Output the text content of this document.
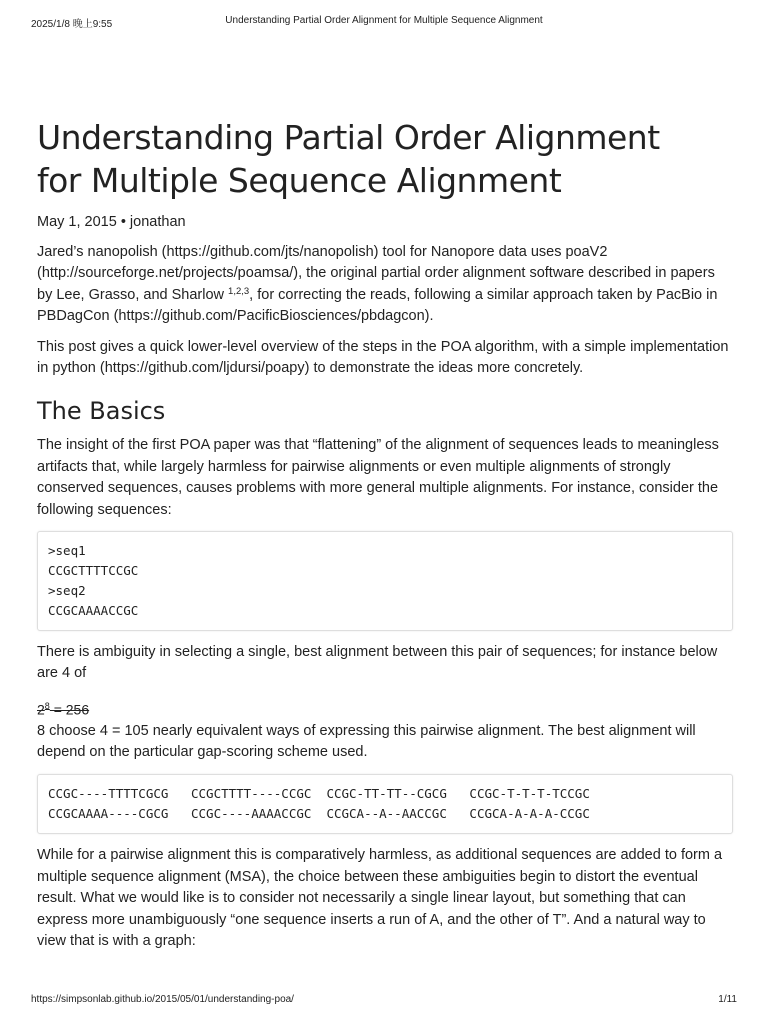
2025/1/8 晚上9:55	Understanding Partial Order Alignment for Multiple Sequence Alignment
Understanding Partial Order Alignment
for Multiple Sequence Alignment
May 1, 2015 • jonathan

Jared’s nanopolish (https://github.com/jts/nanopolish) tool for Nanopore data uses poaV2 (http://sourceforge.net/projects/poamsa/), the original partial order alignment software described in papers by Lee, Grasso, and Sharlow $^{1,2,3}$, for correcting the reads, following a similar approach taken by PacBio in PBDagCon (https://github.com/PacificBiosciences/pbdagcon).

This post gives a quick lower-level overview of the steps in the POA algorithm, with a simple implementation in python (https://github.com/ljdursi/poapy) to demonstrate the ideas more concretely.

The Basics

The insight of the first POA paper was that “flattening” of the alignment of sequences leads to meaningless artifacts that, while largely harmless for pairwise alignments or even multiple alignments of strongly conserved sequences, causes problems with more general multiple alignments. For instance, consider the following sequences:

>seq1
CCGCTTTTCCGC
>seq2
CCGCAAAACCGC

There is ambiguity in selecting a single, best alignment between this pair of sequences; for instance below are 4 of

$2^8 = 256$

8 choose 4 = 105 nearly equivalent ways of expressing this pairwise alignment. The best alignment will depend on the particular gap-scoring scheme used.

CCGC----TTTTCGCG   CCGCTTTT----CCGC  CCGC-TT-TT--CGCG   CCGC-T-T-T-TCCGC
CCGCAAAA----CGCG   CCGC----AAAACCGC  CCGCA--A--AACCGC   CCGCA-A-A-A-CCGC

While for a pairwise alignment this is comparatively harmless, as additional sequences are added to form a multiple sequence alignment (MSA), the choice between these ambiguities begin to distort the eventual result. What we would like is to consider not necessarily a single linear layout, but something that can express more unambiguously “one sequence inserts a run of A, and the other of T”. And a natural way to view that is with a graph:

https://simpsonlab.github.io/2015/05/01/understanding-poa/	1/11
